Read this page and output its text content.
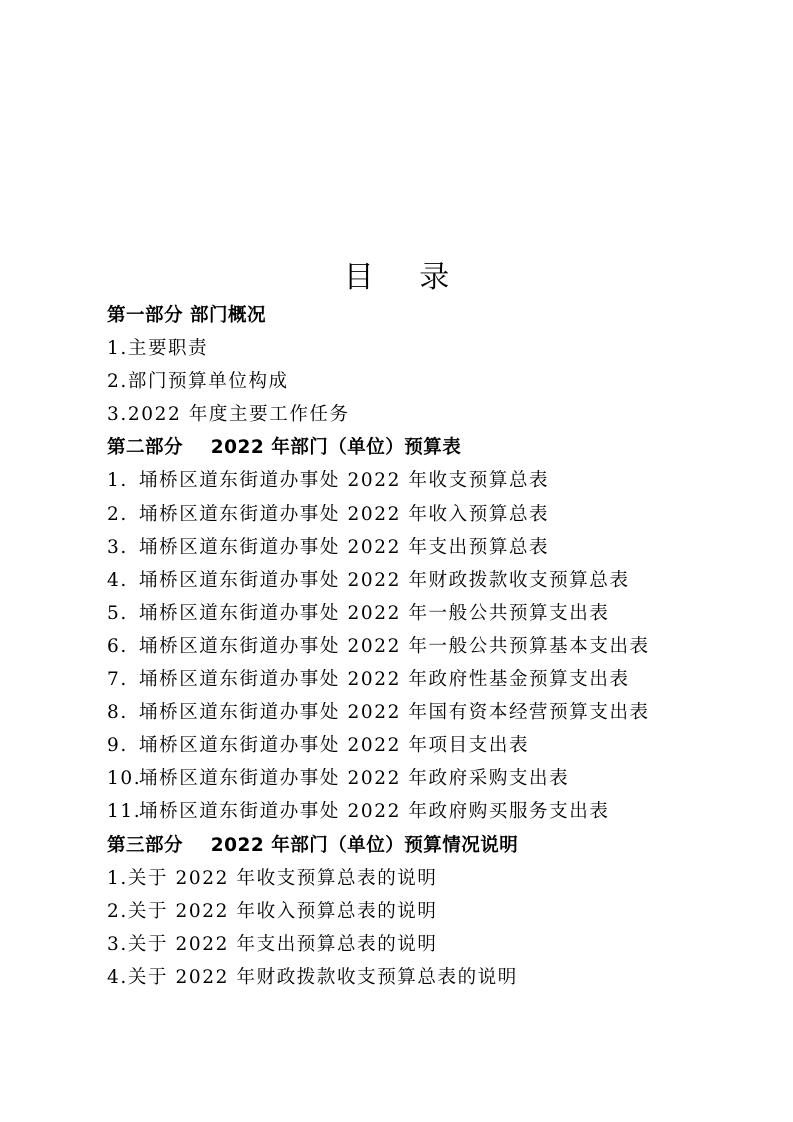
目 录
第一部分 部门概况
1.主要职责
2.部门预算单位构成
3.2022 年度主要工作任务
第二部分    2022 年部门（单位）预算表
1. 埇桥区道东街道办事处 2022 年收支预算总表
2. 埇桥区道东街道办事处 2022 年收入预算总表
3. 埇桥区道东街道办事处 2022 年支出预算总表
4. 埇桥区道东街道办事处 2022 年财政拨款收支预算总表
5. 埇桥区道东街道办事处 2022 年一般公共预算支出表
6. 埇桥区道东街道办事处 2022 年一般公共预算基本支出表
7. 埇桥区道东街道办事处 2022 年政府性基金预算支出表
8. 埇桥区道东街道办事处 2022 年国有资本经营预算支出表
9. 埇桥区道东街道办事处 2022 年项目支出表
10.埇桥区道东街道办事处 2022 年政府采购支出表
11.埇桥区道东街道办事处 2022 年政府购买服务支出表
第三部分    2022 年部门（单位）预算情况说明
1.关于 2022 年收支预算总表的说明
2.关于 2022 年收入预算总表的说明
3.关于 2022 年支出预算总表的说明
4.关于 2022 年财政拨款收支预算总表的说明
